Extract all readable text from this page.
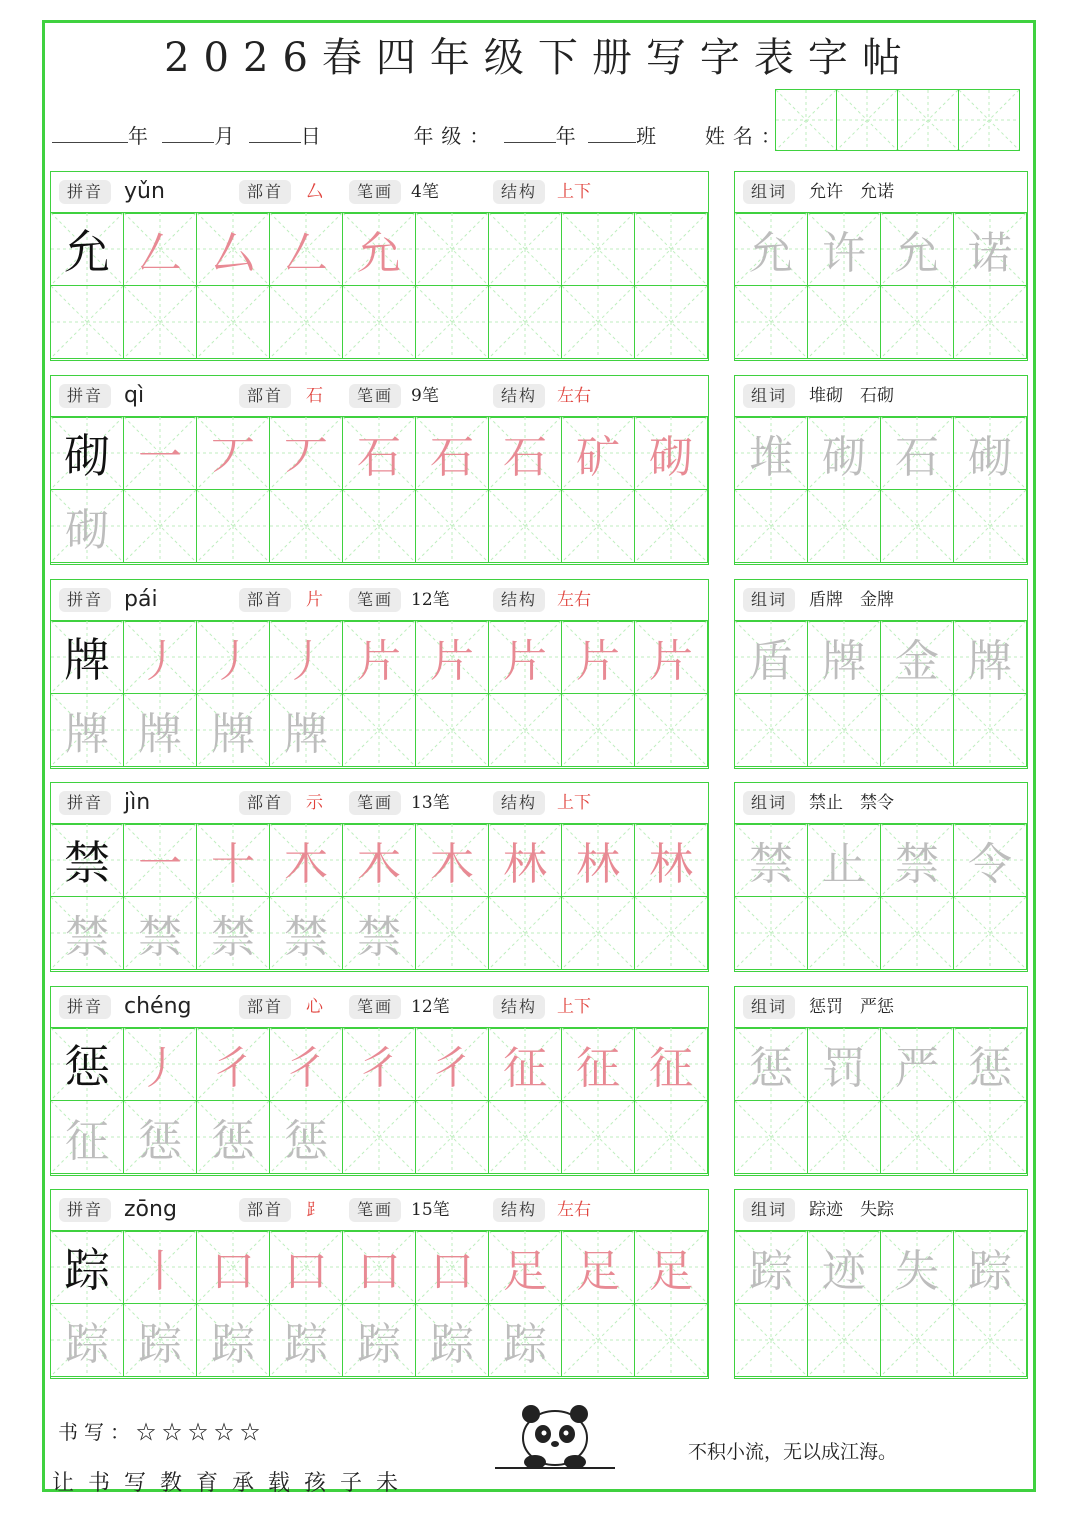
2026春四年级下册写字表字帖
年	月	日	年级：	年	班 姓名：
拼音 yǔn	部首	厶	笔画	4笔	结构	上下
允 𠃋 厶 𠃋 允
组词	允许　允诺
允 许 允 诺
拼音 qì	部首	石	笔画	9笔	结构	左右
砌 一 丆 丆 石 石 石 矿 砌
砌
组词	堆砌　石砌
堆 砌 石 砌
拼音 pái	部首	片	笔画	12笔	结构	左右
牌 丿 丿 丿 片 片 片 片 片
牌 牌 牌 牌
组词	盾牌　金牌
盾 牌 金 牌
拼音 jìn	部首	示	笔画	13笔	结构	上下
禁 一 十 木 木 木 林 林 林
禁 禁 禁 禁 禁
组词	禁止　禁令
禁 止 禁 令
拼音 chéng	部首	心	笔画	12笔	结构	上下
惩 丿 彳 彳 彳 彳 征 征 征
征 惩 惩 惩
组词	惩罚　严惩
惩 罚 严 惩
拼音 zōng	部首	⻊	笔画	15笔	结构	左右
踪 丨 口 口 口 口 足 足 足
踪 踪 踪 踪 踪 踪 踪
组词	踪迹　失踪
踪 迹 失 踪
书写：☆☆☆☆☆
让书写教育承载孩子未
不积小流，无以成江海。
